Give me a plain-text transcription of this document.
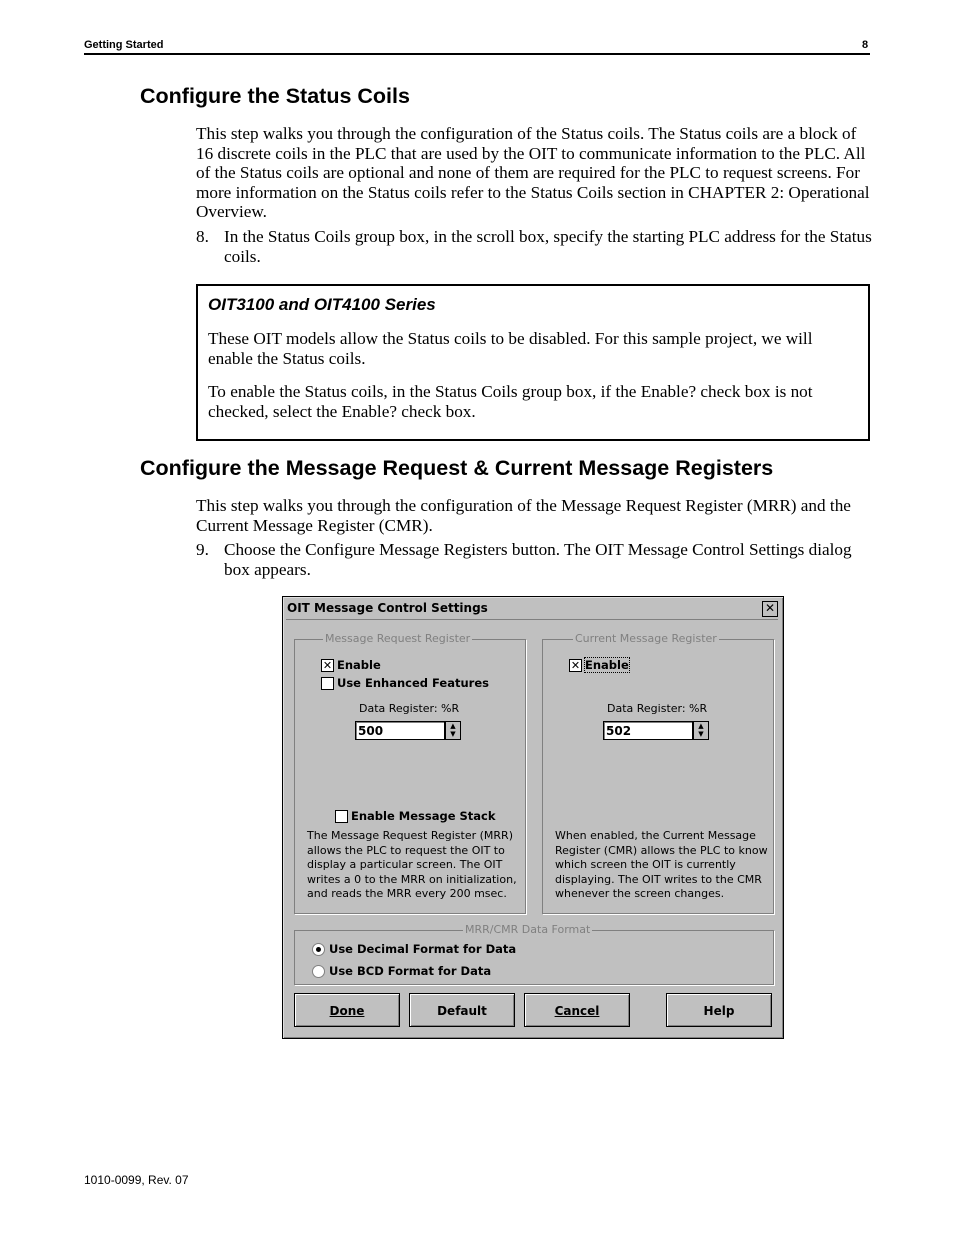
Getting Started	8
Configure the Status Coils

This step walks you through the configuration of the Status coils. The Status coils are a block of 16 discrete coils in the PLC that are used by the OIT to communicate information to the PLC. All of the Status coils are optional and none of them are required for the PLC to request screens. For more information on the Status coils refer to the Status Coils section in CHAPTER 2: Operational Overview.

8. In the Status Coils group box, in the scroll box, specify the starting PLC address for the Status coils.
OIT3100 and OIT4100 Series
These OIT models allow the Status coils to be disabled. For this sample project, we will enable the Status coils.
To enable the Status coils, in the Status Coils group box, if the Enable? check box is not checked, select the Enable? check box.
Configure the Message Request & Current Message Registers

This step walks you through the configuration of the Message Request Register (MRR) and the Current Message Register (CMR).

9. Choose the Configure Message Registers button. The OIT Message Control Settings dialog box appears.
OIT Message Control Settings	✕
Message Request Register
✕ Enable
Use Enhanced Features
Data Register: %R
500	▲
▼
Enable Message Stack
The Message Request Register (MRR)
allows the PLC to request the OIT to
display a particular screen. The OIT
writes a 0 to the MRR on initialization,
and reads the MRR every 200 msec.
Current Message Register
✕ Enable
Data Register: %R
502	▲
▼
When enabled, the Current Message
Register (CMR) allows the PLC to know
which screen the OIT is currently
displaying. The OIT writes to the CMR
whenever the screen changes.
MRR/CMR Data Format
Use Decimal Format for Data
Use BCD Format for Data
Done	Default	Cancel	Help
1010-0099, Rev. 07
